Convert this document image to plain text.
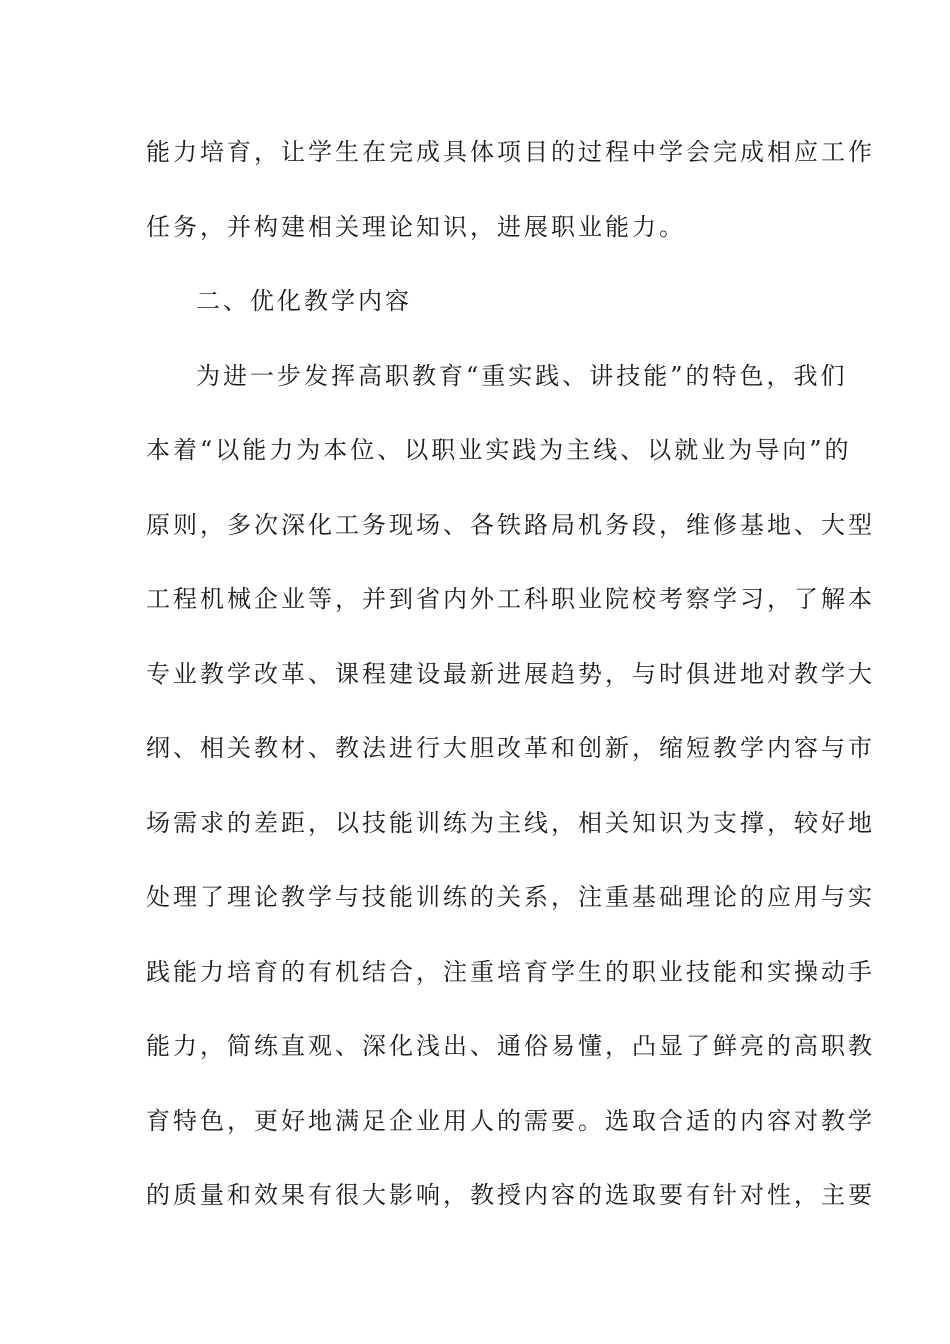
能力培育，让学生在完成具体项目的过程中学会完成相应工作
任务，并构建相关理论知识，进展职业能力。
二、优化教学内容
为进一步发挥高职教育“重实践、讲技能”的特色，我们
本着“以能力为本位、以职业实践为主线、以就业为导向”的
原则，多次深化工务现场、各铁路局机务段，维修基地、大型
工程机械企业等，并到省内外工科职业院校考察学习，了解本
专业教学改革、课程建设最新进展趋势，与时俱进地对教学大
纲、相关教材、教法进行大胆改革和创新，缩短教学内容与市
场需求的差距，以技能训练为主线，相关知识为支撑，较好地
处理了理论教学与技能训练的关系，注重基础理论的应用与实
践能力培育的有机结合，注重培育学生的职业技能和实操动手
能力，简练直观、深化浅出、通俗易懂，凸显了鲜亮的高职教
育特色，更好地满足企业用人的需要。选取合适的内容对教学
的质量和效果有很大影响，教授内容的选取要有针对性，主要
